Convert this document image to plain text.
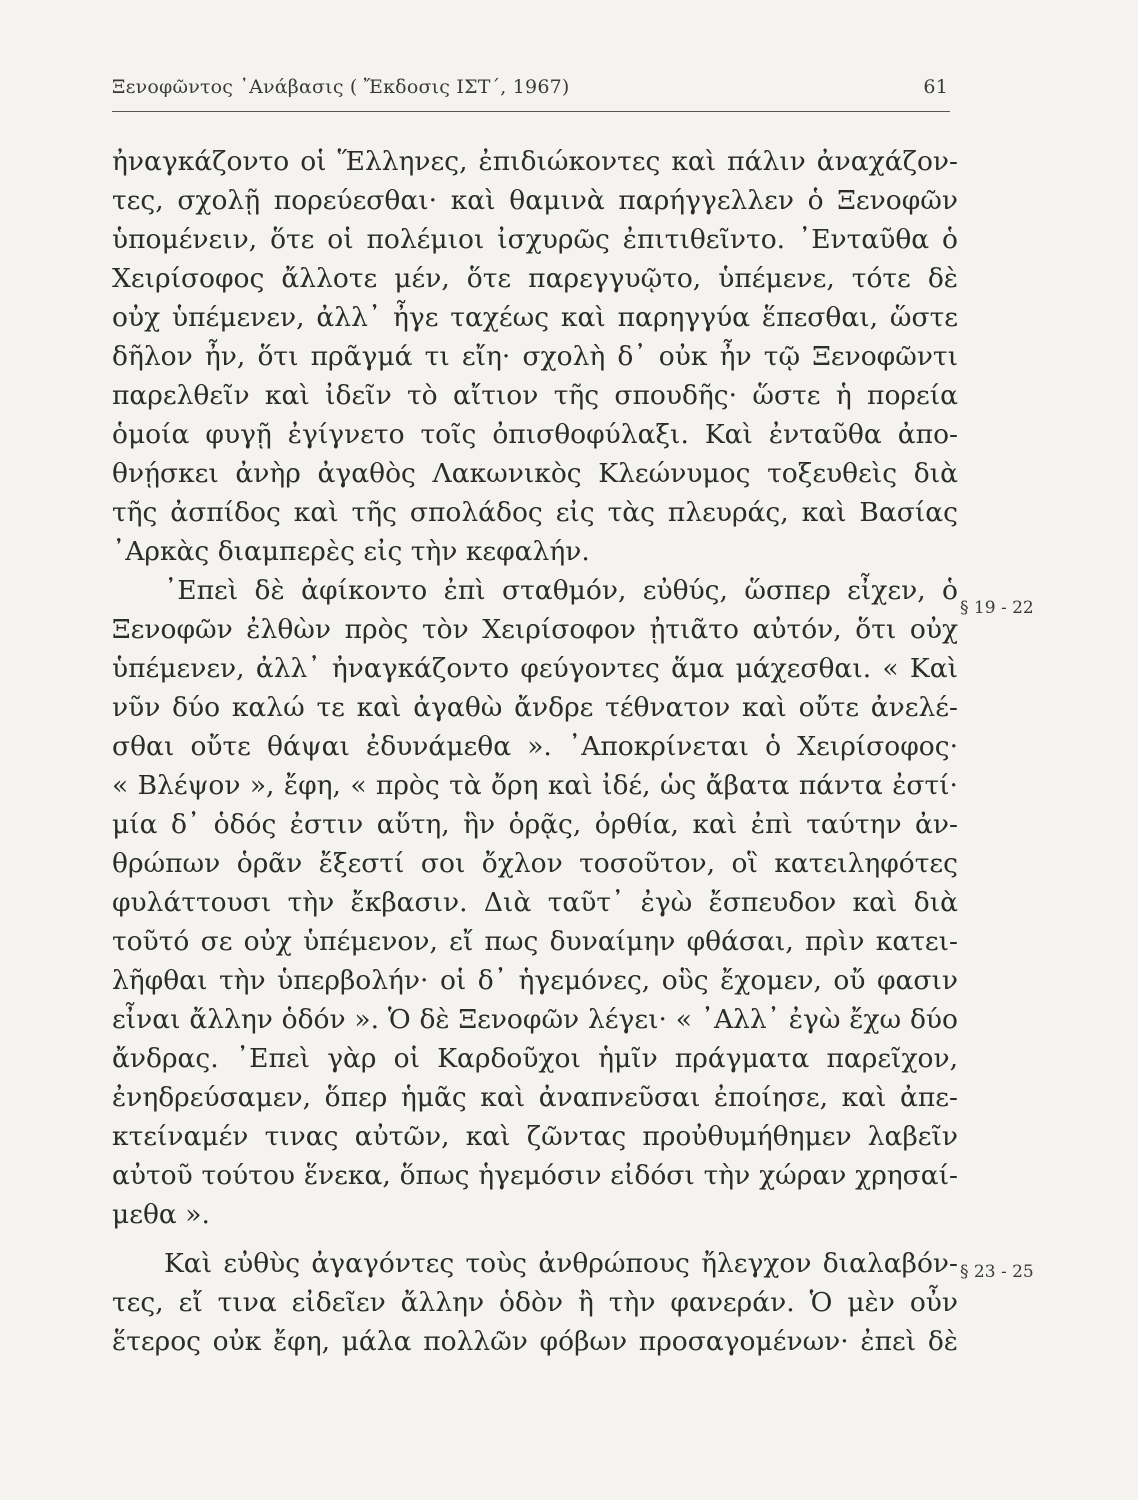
Ξενοφῶντος ᾽Ανάβασις ( Ἔκδοσις ΙΣΤ΄, 1967)	61
ἠναγκάζοντο οἱ Ἕλληνες, ἐπιδιώκοντες καὶ πάλιν ἀναχάζον-
τες, σχολῇ πορεύεσθαι· καὶ θαμινὰ παρήγγελλεν ὁ Ξενοφῶν
ὑπομένειν, ὅτε οἱ πολέμιοι ἰσχυρῶς ἐπιτιθεῖντο. ᾽Ενταῦθα ὁ
Χειρίσοφος ἄλλοτε μέν, ὅτε παρεγγυῷτο, ὑπέμενε, τότε δὲ
οὐχ ὑπέμενεν, ἀλλ᾽ ἦγε ταχέως καὶ παρηγγύα ἕπεσθαι, ὥστε
δῆλον ἦν, ὅτι πρᾶγμά τι εἴη· σχολὴ δ᾽ οὐκ ἦν τῷ Ξενοφῶντι
παρελθεῖν καὶ ἰδεῖν τὸ αἴτιον τῆς σπουδῆς· ὥστε ἡ πορεία
ὁμοία φυγῇ ἐγίγνετο τοῖς ὀπισθοφύλαξι. Καὶ ἐνταῦθα ἀπο-
θνῄσκει ἀνὴρ ἀγαθὸς Λακωνικὸς Κλεώνυμος τοξευθεὶς διὰ
τῆς ἀσπίδος καὶ τῆς σπολάδος εἰς τὰς πλευράς, καὶ Βασίας
᾽Αρκὰς διαμπερὲς εἰς τὴν κεφαλήν.
᾽Επεὶ δὲ ἀφίκοντο ἐπὶ σταθμόν, εὐθύς, ὥσπερ εἶχεν, ὁ
Ξενοφῶν ἐλθὼν πρὸς τὸν Χειρίσοφον ᾐτιᾶτο αὐτόν, ὅτι οὐχ
ὑπέμενεν, ἀλλ᾽ ἠναγκάζοντο φεύγοντες ἅμα μάχεσθαι. « Καὶ
νῦν δύο καλώ τε καὶ ἀγαθὼ ἄνδρε τέθνατον καὶ οὔτε ἀνελέ-
σθαι οὔτε θάψαι ἐδυνάμεθα ». ᾽Αποκρίνεται ὁ Χειρίσοφος·
« Βλέψον », ἔφη, « πρὸς τὰ ὄρη καὶ ἰδέ, ὡς ἄβατα πάντα ἐστί·
μία δ᾽ ὁδός ἐστιν αὕτη, ἣν ὁρᾷς, ὀρθία, καὶ ἐπὶ ταύτην ἀν-
θρώπων ὁρᾶν ἔξεστί σοι ὄχλον τοσοῦτον, οἳ κατειληφότες
φυλάττουσι τὴν ἔκβασιν. Διὰ ταῦτ᾽ ἐγὼ ἔσπευδον καὶ διὰ
τοῦτό σε οὐχ ὑπέμενον, εἴ πως δυναίμην φθάσαι, πρὶν κατει-
λῆφθαι τὴν ὑπερβολήν· οἱ δ᾽ ἡγεμόνες, οὓς ἔχομεν, οὔ φασιν
εἶναι ἄλλην ὁδόν ». Ὁ δὲ Ξενοφῶν λέγει· « ᾽Αλλ᾽ ἐγὼ ἔχω δύο
ἄνδρας. ᾽Επεὶ γὰρ οἱ Καρδοῦχοι ἡμῖν πράγματα παρεῖχον,
ἐνηδρεύσαμεν, ὅπερ ἡμᾶς καὶ ἀναπνεῦσαι ἐποίησε, καὶ ἀπε-
κτείναμέν τινας αὐτῶν, καὶ ζῶντας προὐθυμήθημεν λαβεῖν
αὐτοῦ τούτου ἕνεκα, ὅπως ἡγεμόσιν εἰδόσι τὴν χώραν χρησαί-
μεθα ».
Καὶ εὐθὺς ἀγαγόντες τοὺς ἀνθρώπους ἤλεγχον διαλαβόν-
τες, εἴ τινα εἰδεῖεν ἄλλην ὁδὸν ἢ τὴν φανεράν. Ὁ μὲν οὖν
ἕτερος οὐκ ἔφη, μάλα πολλῶν φόβων προσαγομένων· ἐπεὶ δὲ
§ 19 - 22
§ 23 - 25
